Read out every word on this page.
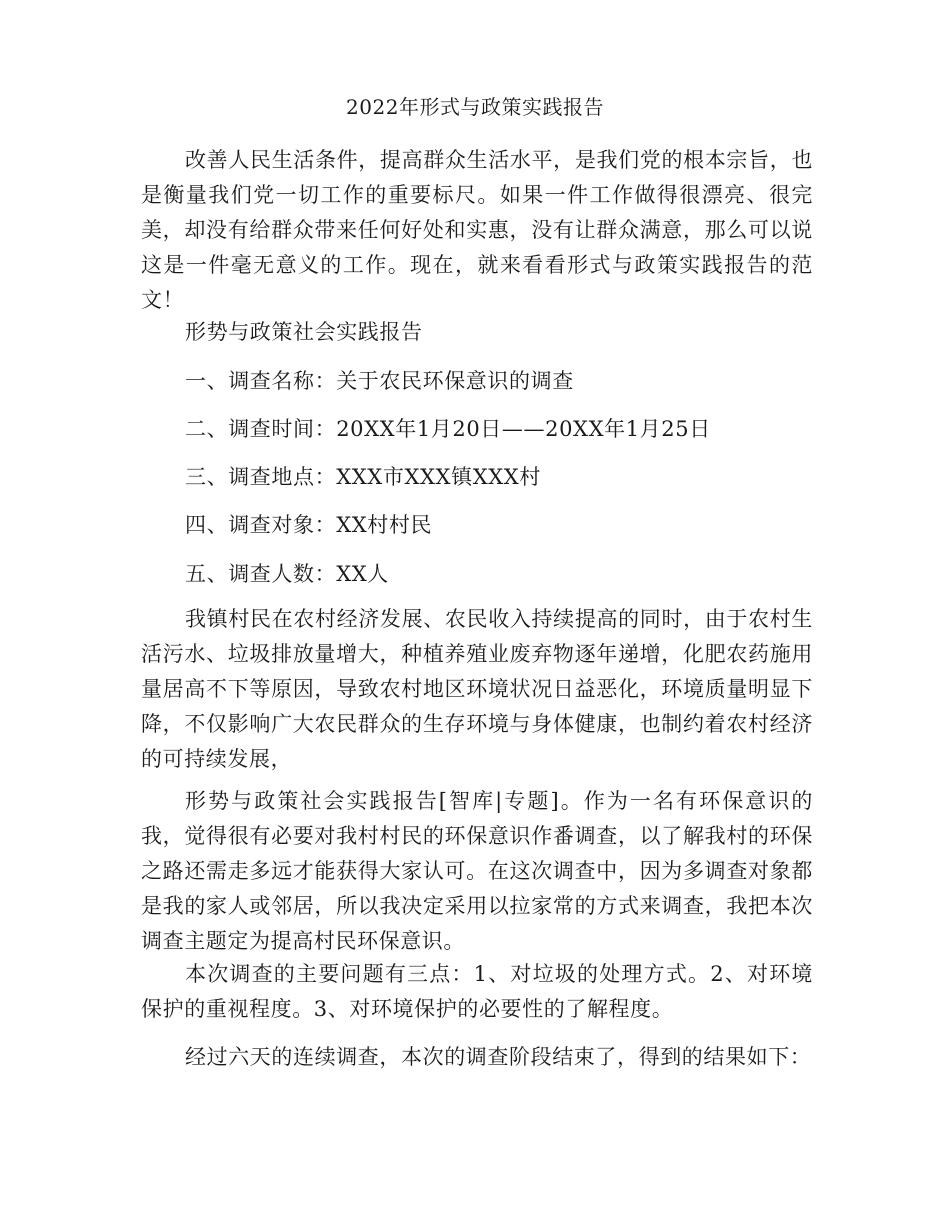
2022年形式与政策实践报告

改善人民生活条件，提高群众生活水平，是我们党的根本宗旨，也是衡量我们党一切工作的重要标尺。如果一件工作做得很漂亮、很完美，却没有给群众带来任何好处和实惠，没有让群众满意，那么可以说这是一件毫无意义的工作。现在，就来看看形式与政策实践报告的范文！

形势与政策社会实践报告
一、调查名称：关于农民环保意识的调查
二、调查时间：20XX年1月20日——20XX年1月25日
三、调查地点：XXX市XXX镇XXX村
四、调查对象：XX村村民
五、调查人数：XX人

我镇村民在农村经济发展、农民收入持续提高的同时，由于农村生活污水、垃圾排放量增大，种植养殖业废弃物逐年递增，化肥农药施用量居高不下等原因，导致农村地区环境状况日益恶化，环境质量明显下降，不仅影响广大农民群众的生存环境与身体健康，也制约着农村经济的可持续发展，

形势与政策社会实践报告[智库|专题]。作为一名有环保意识的我，觉得很有必要对我村村民的环保意识作番调查，以了解我村的环保之路还需走多远才能获得大家认可。在这次调查中，因为多调查对象都是我的家人或邻居，所以我决定采用以拉家常的方式来调查，我把本次调查主题定为提高村民环保意识。

本次调查的主要问题有三点：1、对垃圾的处理方式。2、对环境保护的重视程度。3、对环境保护的必要性的了解程度。

经过六天的连续调查，本次的调查阶段结束了，得到的结果如下：
